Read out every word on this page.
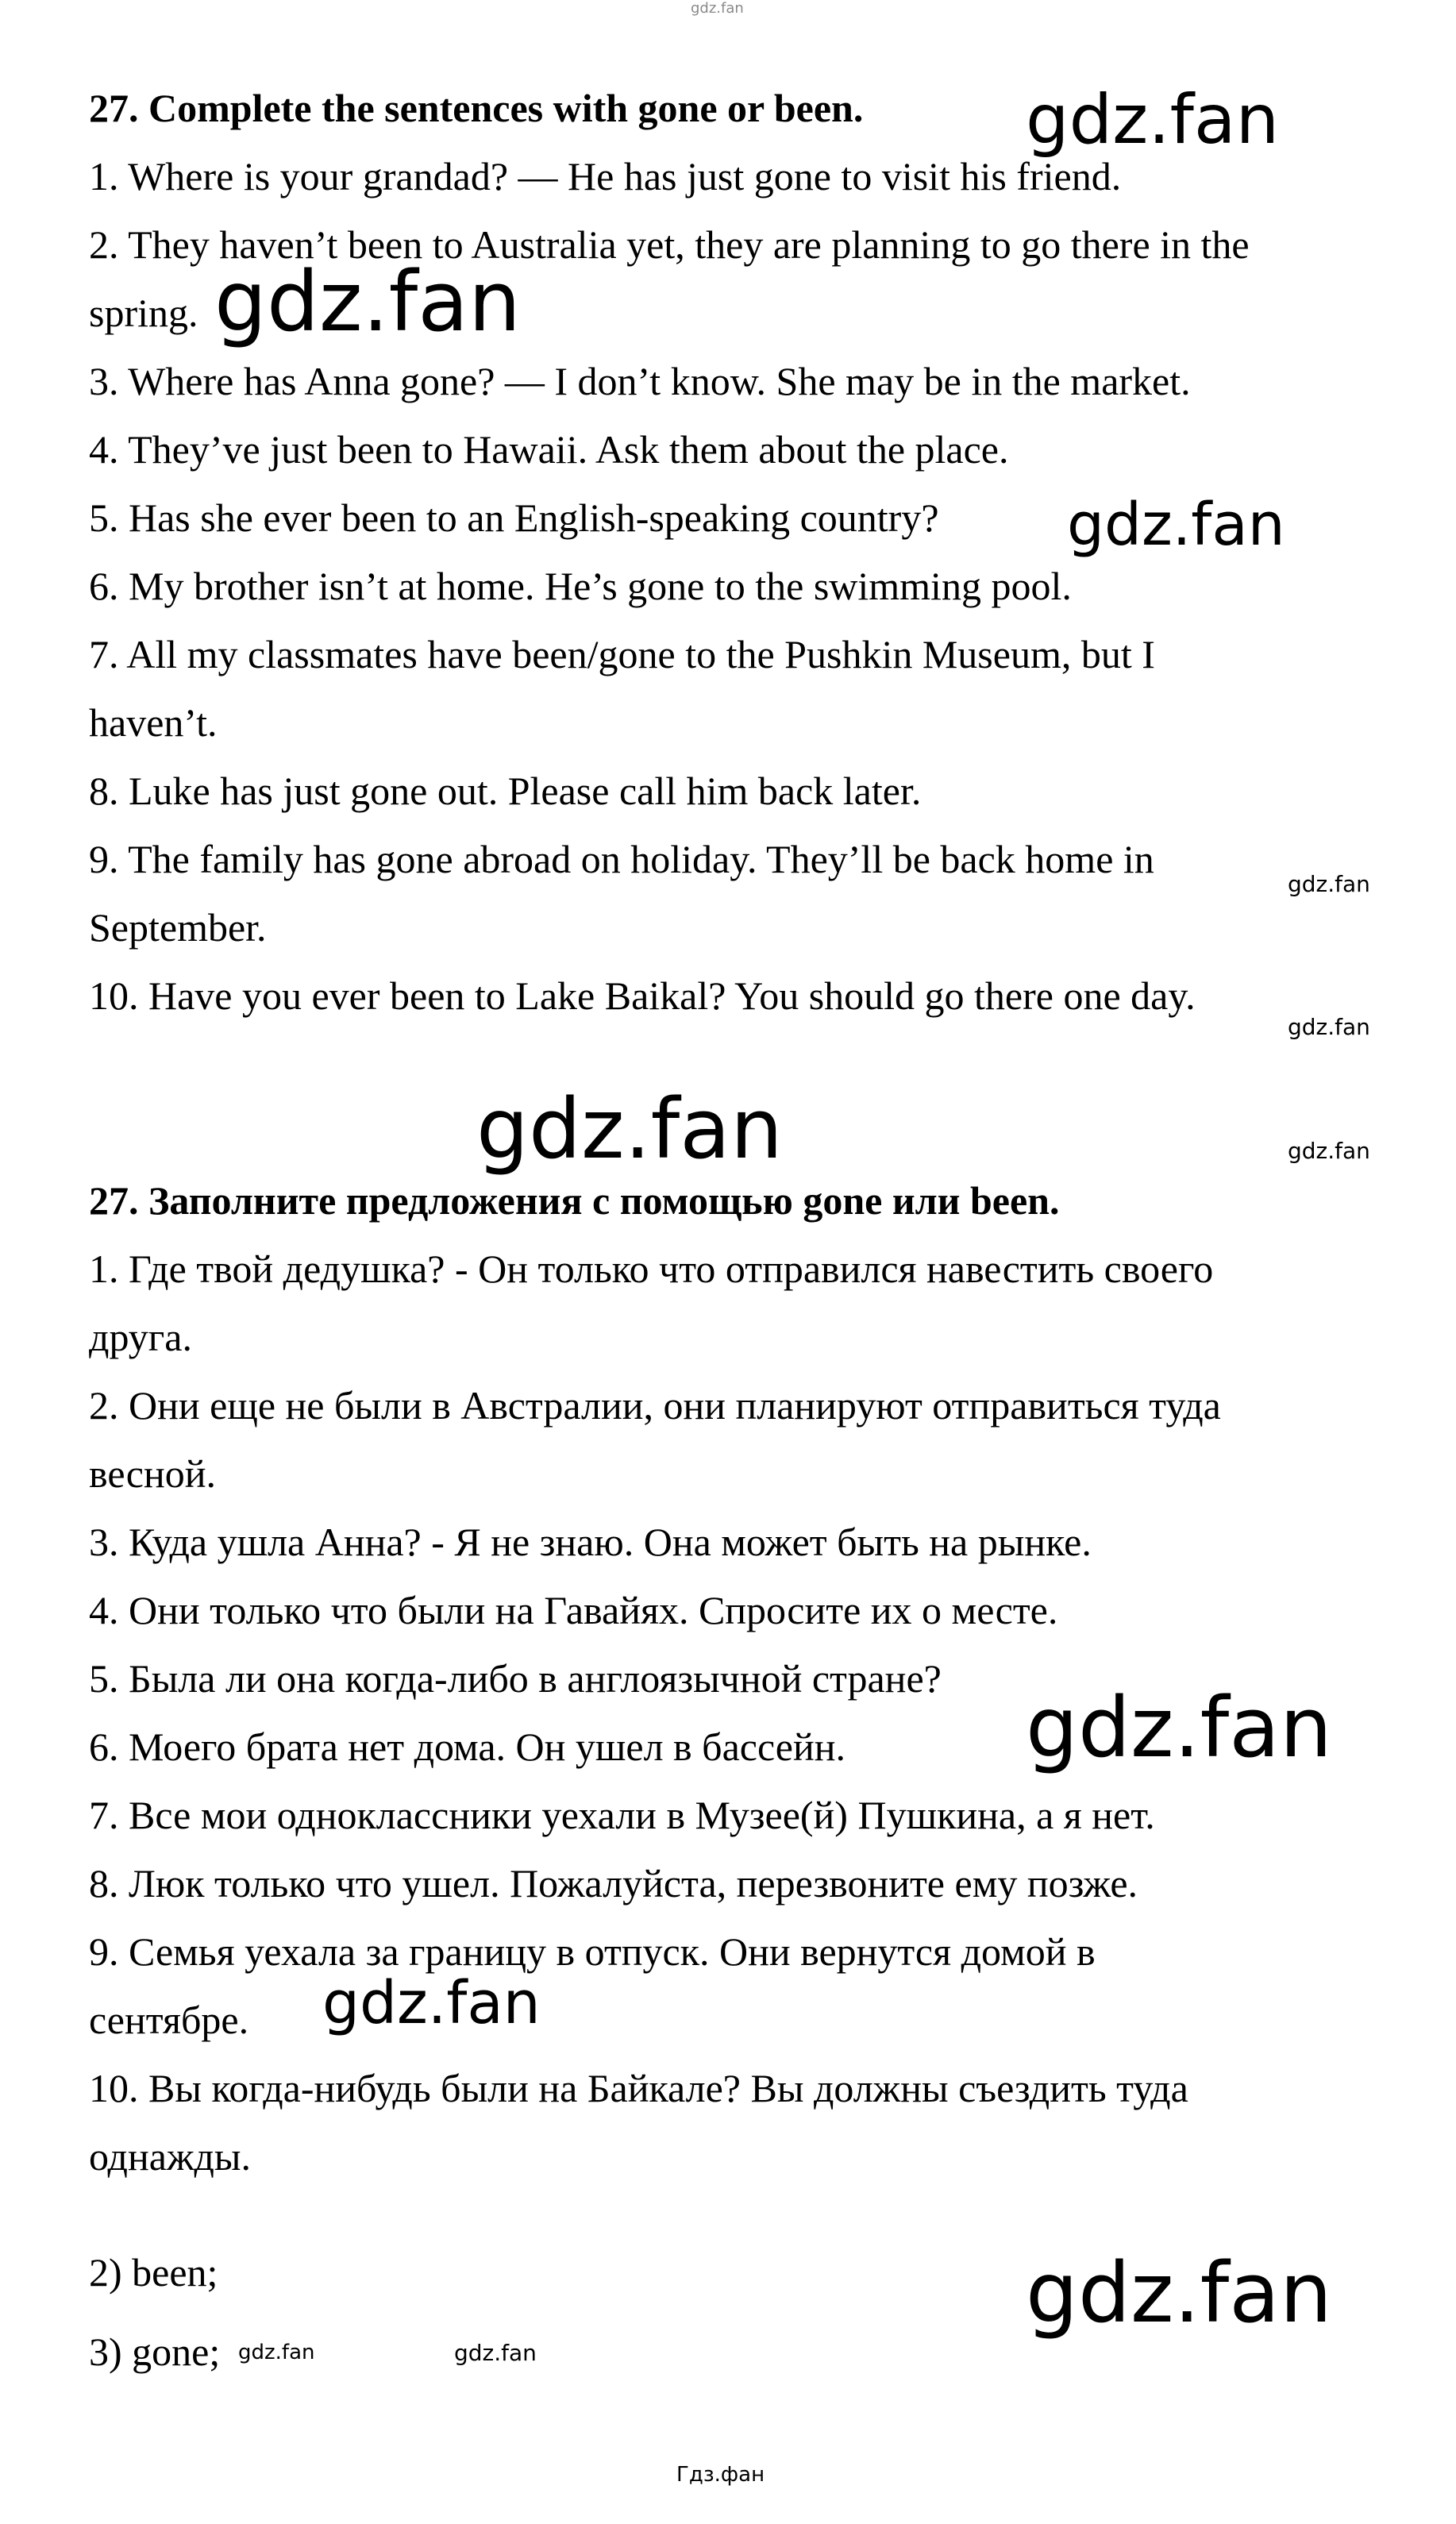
gdz.fan
27. Complete the sentences with gone or been.
1. Where is your grandad? — He has just gone to visit his friend.
2. They haven’t been to Australia yet, they are planning to go there in the
spring.
3. Where has Anna gone? — I don’t know. She may be in the market.
4. They’ve just been to Hawaii. Ask them about the place.
5. Has she ever been to an English-speaking country?
6. My brother isn’t at home. He’s gone to the swimming pool.
7. All my classmates have been/gone to the Pushkin Museum, but I
haven’t.
8. Luke has just gone out. Please call him back later.
9. The family has gone abroad on holiday. They’ll be back home in
September.
10. Have you ever been to Lake Baikal? You should go there one day.
27. Заполните предложения с помощью gone или been.
1. Где твой дедушка? - Он только что отправился навестить своего
друга.
2. Они еще не были в Австралии, они планируют отправиться туда
весной.
3. Куда ушла Анна? - Я не знаю. Она может быть на рынке.
4. Они только что были на Гавайях. Спросите их о месте.
5. Была ли она когда-либо в англоязычной стране?
6. Моего брата нет дома. Он ушел в бассейн.
7. Все мои одноклассники уехали в Музее(й) Пушкина, а я нет.
8. Люк только что ушел. Пожалуйста, перезвоните ему позже.
9. Семья уехала за границу в отпуск. Они вернутся домой в
сентябре.
10. Вы когда-нибудь были на Байкале? Вы должны съездить туда
однажды.
2) been;
3) gone;
gdz.fan
gdz.fan
gdz.fan
gdz.fan
gdz.fan
gdz.fan	gdz.fan
gdz.fan
gdz.fan
gdz.fan
gdz.fan	gdz.fan
Гдз.фан
